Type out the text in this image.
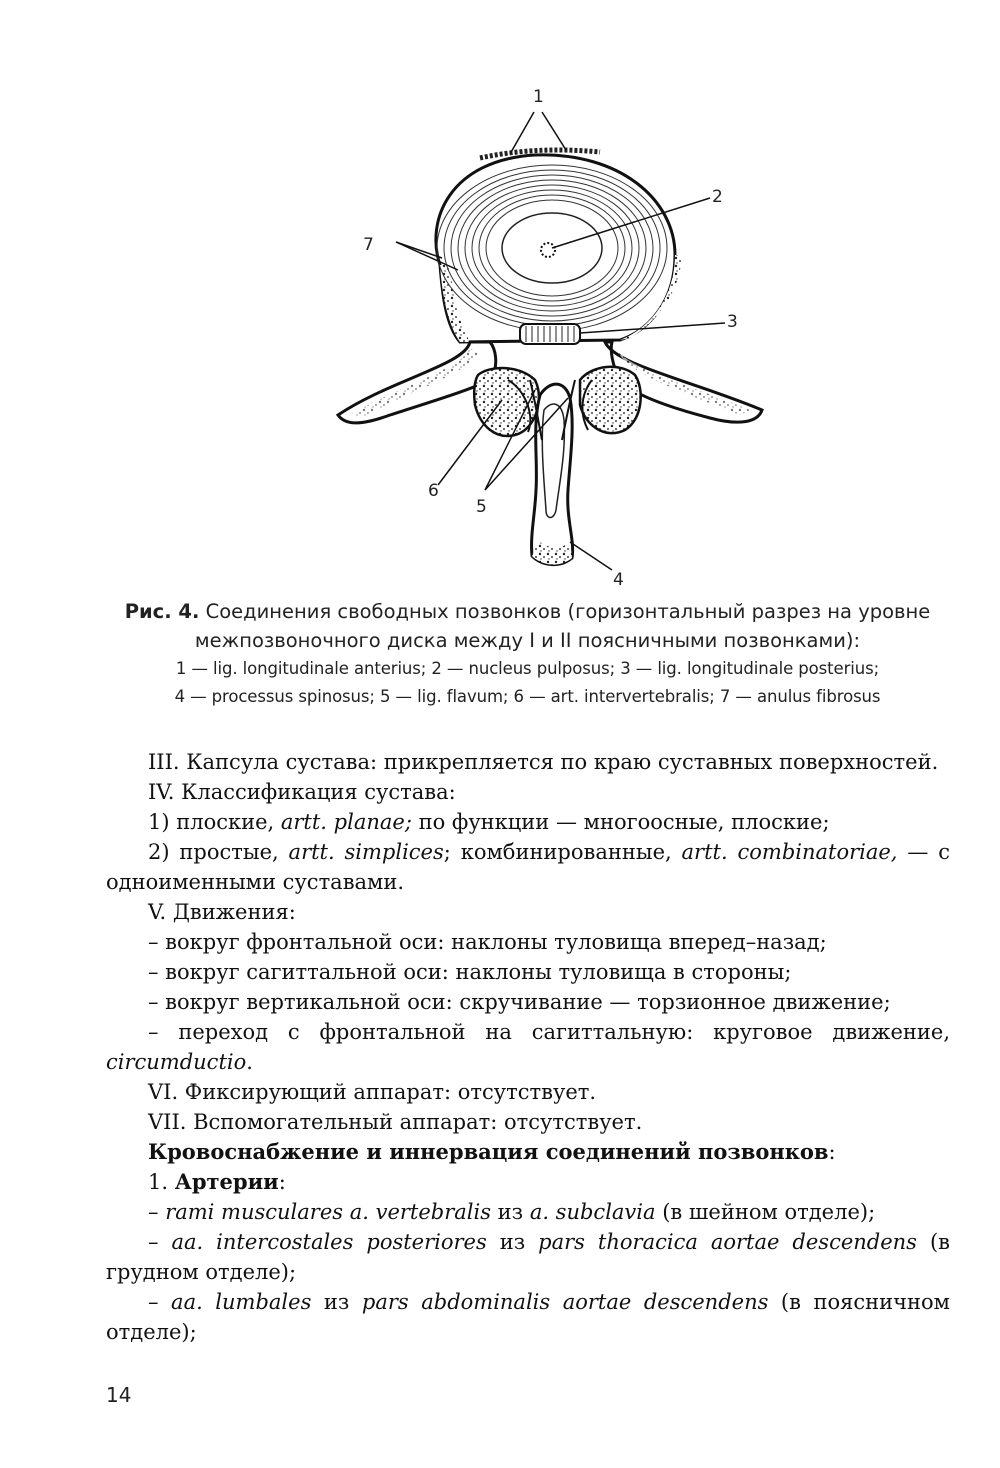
1
2
3
4
5
6
7
Рис. 4. Соединения свободных позвонков (горизонтальный разрез на уровне
межпозвоночного диска между I и II поясничными позвонками):
1 — lig. longitudinale anterius; 2 — nucleus pulposus; 3 — lig. longitudinale posterius;
4 — processus spinosus; 5 — lig. flavum; 6 — art. intervertebralis; 7 — anulus fibrosus

III. Капсула сустава: прикрепляется по краю суставных поверхностей.

IV. Классификация сустава:

1) плоские, artt. planae; по функции — многоосные, плоские;

2) простые, artt. simplices; комбинированные, artt. combinatoriae, — с одноименными суставами.

V. Движения:

– вокруг фронтальной оси: наклоны туловища вперед–назад;

– вокруг сагиттальной оси: наклоны туловища в стороны;

– вокруг вертикальной оси: скручивание — торзионное движение;

– переход с фронтальной на сагиттальную: круговое движение, circumductio.

VI. Фиксирующий аппарат: отсутствует.

VII. Вспомогательный аппарат: отсутствует.

Кровоснабжение и иннервация соединений позвонков:

1. Артерии:

– rami musculares a. vertebralis из a. subclavia (в шейном отделе);

– aa. intercostales posteriores из pars thoracica aortae descendens (в грудном отделе);

– aa. lumbales из pars abdominalis aortae descendens (в поясничном отделе);

14
